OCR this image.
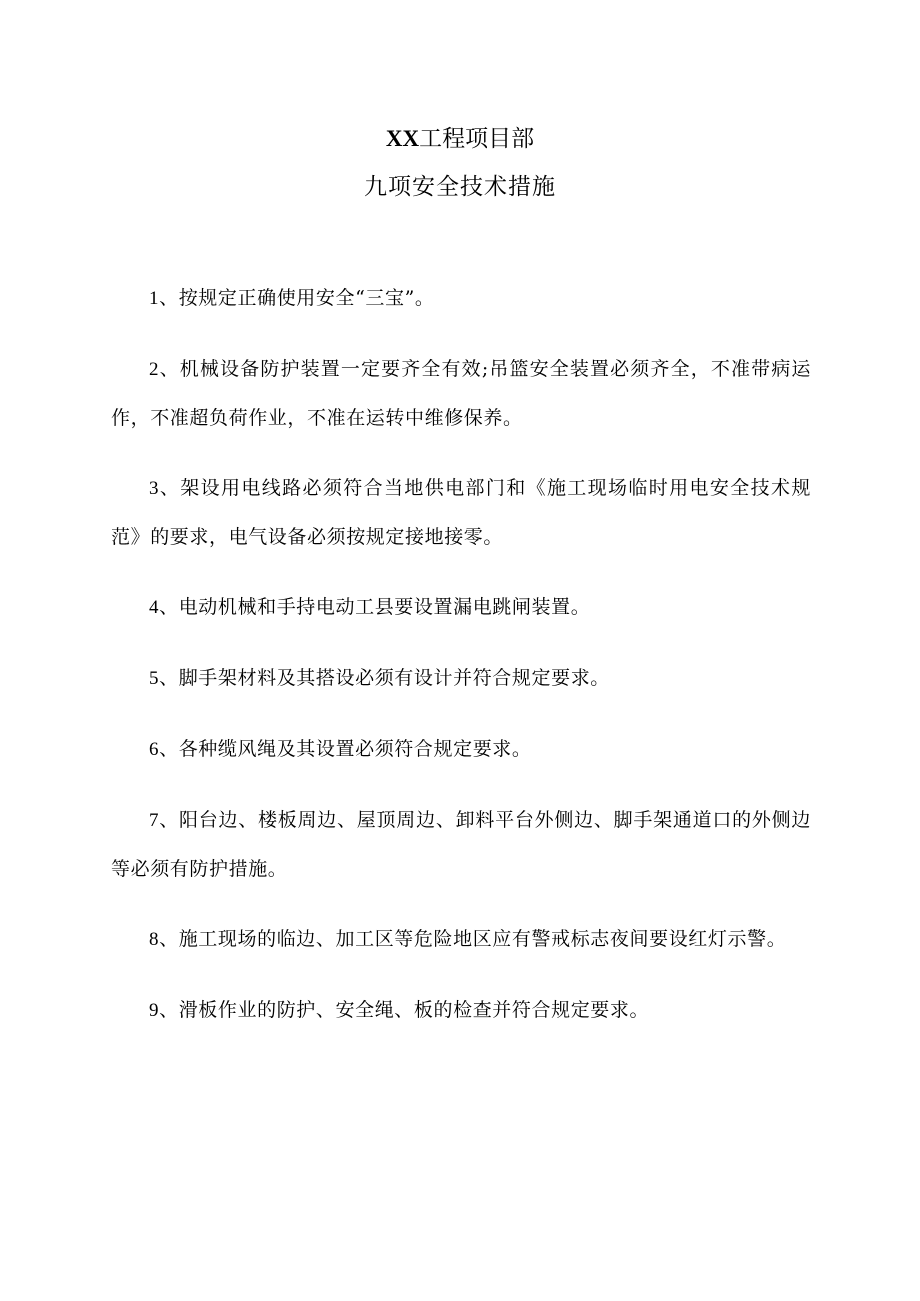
XX工程项目部

九项安全技术措施

1、按规定正确使用安全“三宝”。

2、机械设备防护装置一定要齐全有效;吊篮安全装置必须齐全，不准带病运作，不准超负荷作业，不准在运转中维修保养。

3、架设用电线路必须符合当地供电部门和《施工现场临时用电安全技术规范》的要求，电气设备必须按规定接地接零。

4、电动机械和手持电动工县要设置漏电跳闸装置。

5、脚手架材料及其搭设必须有设计并符合规定要求。

6、各种缆风绳及其设置必须符合规定要求。

7、阳台边、楼板周边、屋顶周边、卸料平台外侧边、脚手架通道口的外侧边等必须有防护措施。

8、施工现场的临边、加工区等危险地区应有警戒标志夜间要设红灯示警。

9、滑板作业的防护、安全绳、板的检查并符合规定要求。
